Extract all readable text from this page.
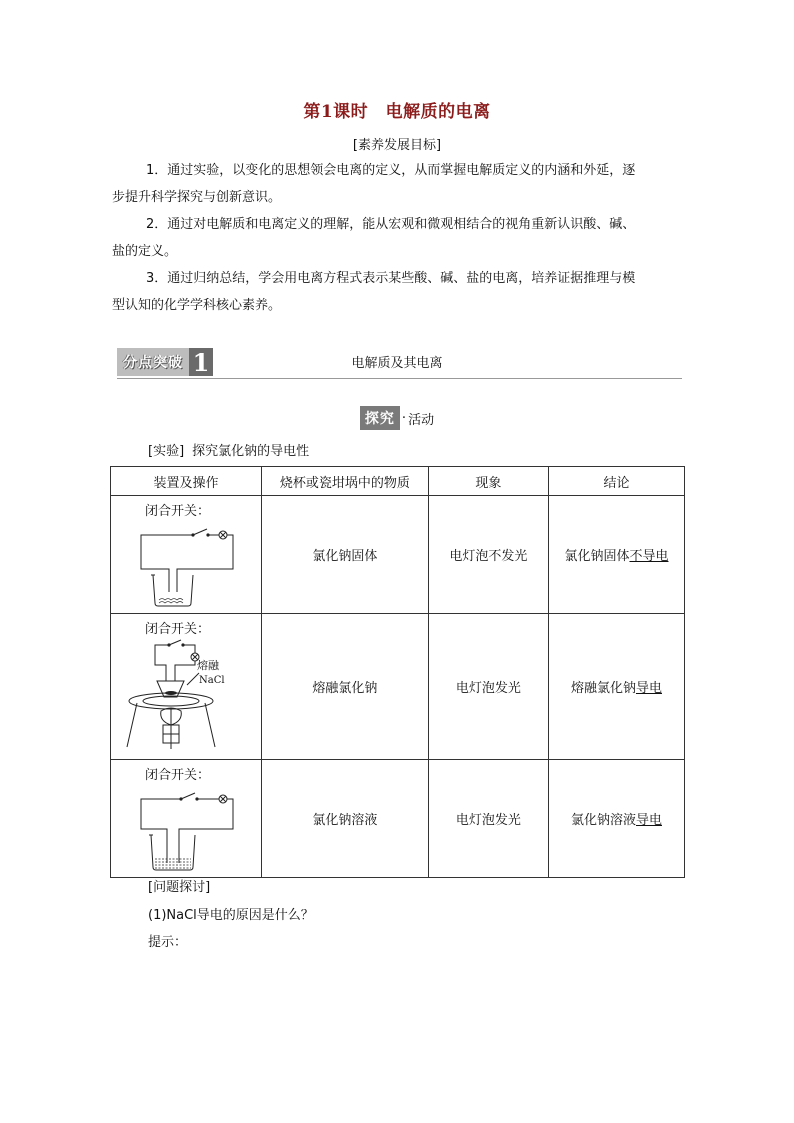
第1课时　电解质的电离
[素养发展目标]
1．通过实验，以变化的思想领会电离的定义，从而掌握电解质定义的内涵和外延，逐
步提升科学探究与创新意识。
2．通过对电解质和电离定义的理解，能从宏观和微观相结合的视角重新认识酸、碱、
盐的定义。
3．通过归纳总结，学会用电离方程式表示某些酸、碱、盐的电离，培养证据推理与模
型认知的化学学科核心素养。
分点突破 1	电解质及其电离
探究 · 活动
[实验] 探究氯化钠的导电性
装置及操作	烧杯或瓷坩埚中的物质	现象	结论

闭合开关：	氯化钠固体	电灯泡不发光	氯化钠固体不导电

闭合开关：
熔融
NaCl	熔融氯化钠	电灯泡发光	熔融氯化钠导电

闭合开关：	氯化钠溶液	电灯泡发光	氯化钠溶液导电
[问题探讨]
(1)NaCl导电的原因是什么？
提示：
